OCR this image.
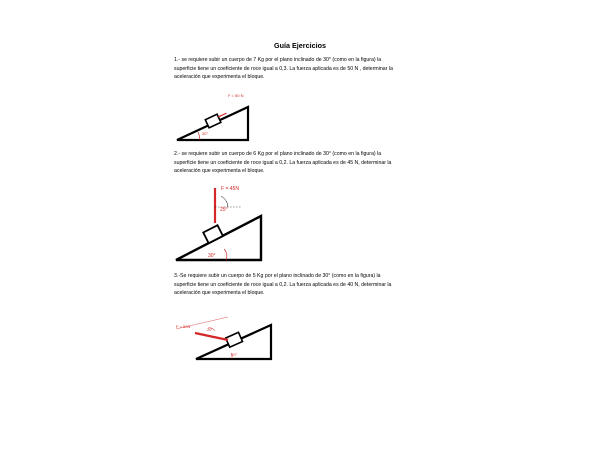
Guía Ejercicios
1.- se requiere subir un cuerpo de 7 Kg por el plano inclinado de 30° (como en la figura) la
superficie tiene un coeficiente de roce igual a 0,3. La fuerza aplicada es de 50 N , determinar la
aceleración que experimenta el bloque.
30°
F = 50 N
2.- se requiere subir un cuerpo de 6 Kg por el plano inclinado de 30° (como en la figura) la
superficie tiene un coeficiente de roce igual a 0,2. La fuerza aplicada es de 45 N, determinar la
aceleración que experimenta el bloque.
F = 45N
25°
30°
3.-Se requiere subir un cuerpo de 5 Kg por el plano inclinado de 30° (como en la figura) la
superficie tiene un coeficiente de roce igual a 0,2. La fuerza aplicada es de 40 N, determinar la
aceleración que experimenta el bloque.
F = 50N
20°
30°
